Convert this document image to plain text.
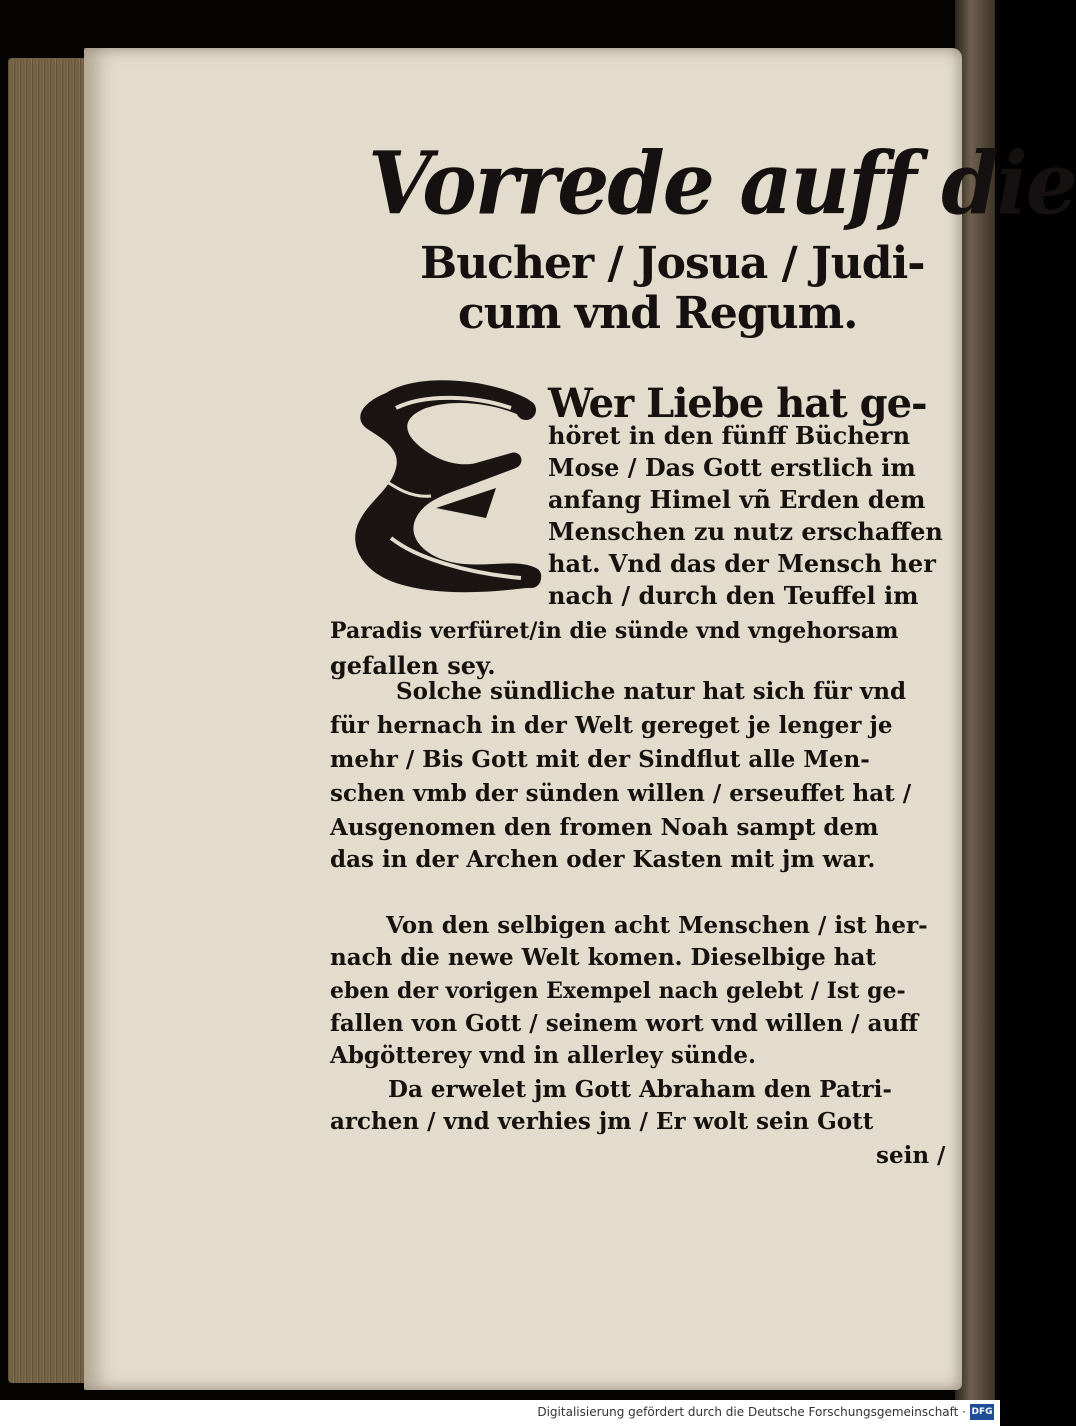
Vorrede auff die
Bucher / Josua / Judi-
cum vnd Regum.
Wer Liebe hat ge-
höret in den fünff Büchern
Mose / Das Gott erstlich im
anfang Himel vñ Erden dem
Menschen zu nutz erschaffen
hat. Vnd das der Mensch her
nach / durch den Teuffel im
Paradis verfüret/in die sünde vnd vngehorsam
gefallen sey.
Solche sündliche natur hat sich für vnd
für hernach in der Welt gereget je lenger je
mehr / Bis Gott mit der Sindflut alle Men-
schen vmb der sünden willen / erseuffet hat /
Ausgenomen den fromen Noah sampt dem
das in der Archen oder Kasten mit jm war.
Von den selbigen acht Menschen / ist her-
nach die newe Welt komen. Dieselbige hat
eben der vorigen Exempel nach gelebt / Ist ge-
fallen von Gott / seinem wort vnd willen / auff
Abgötterey vnd in allerley sünde.
Da erwelet jm Gott Abraham den Patri-
archen / vnd verhies jm / Er wolt sein Gott
sein /
Digitalisierung gefördert durch die Deutsche Forschungsgemeinschaft · DFG
